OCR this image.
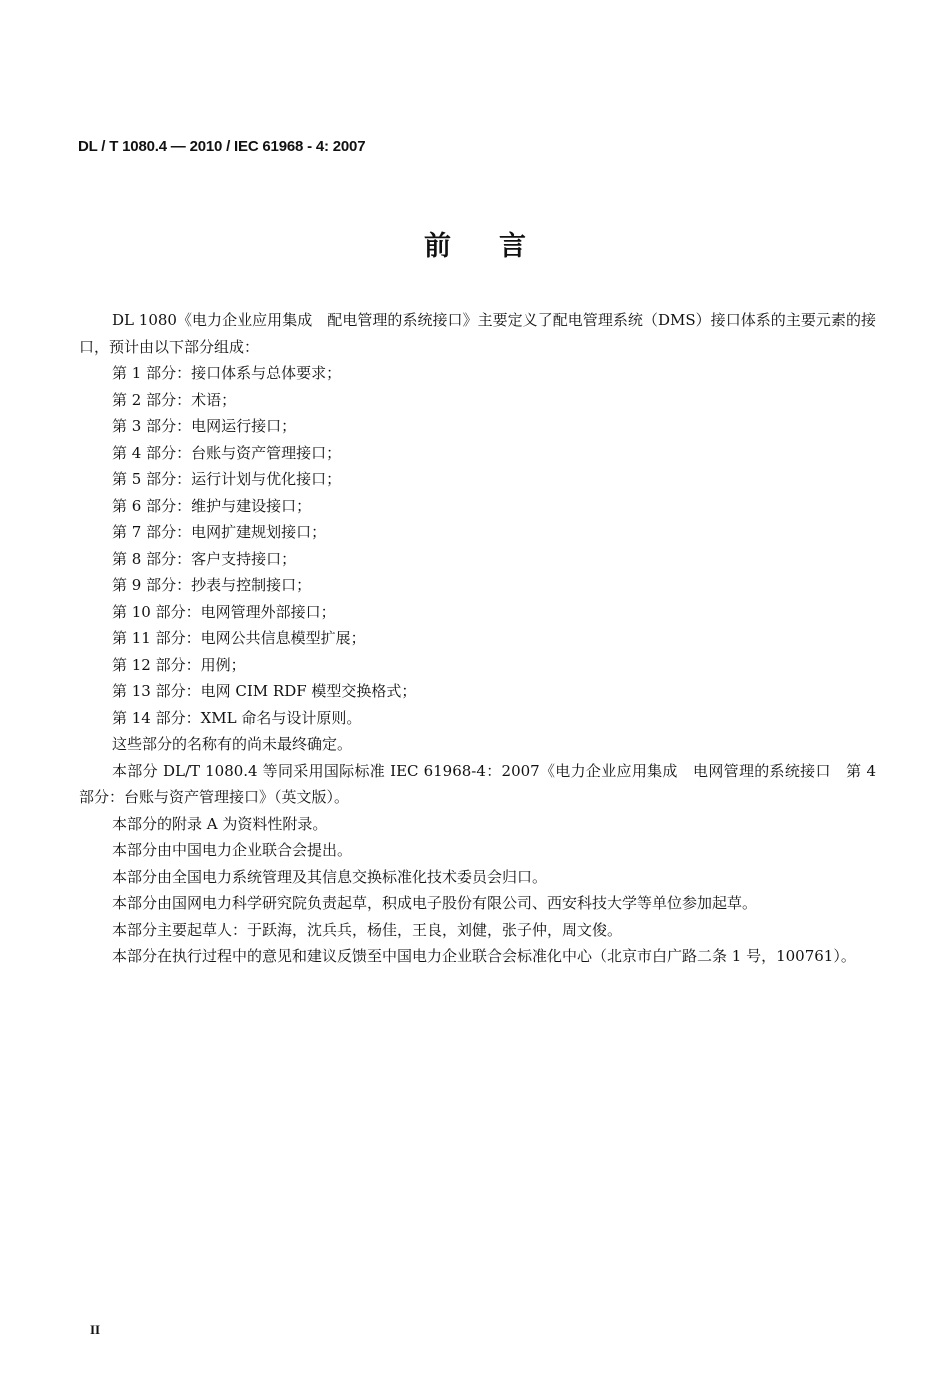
DL / T 1080.4 — 2010 / IEC 61968 - 4: 2007
前言

DL 1080《电力企业应用集成　配电管理的系统接口》主要定义了配电管理系统（DMS）接口体系的主要元素的接口，预计由以下部分组成：

第 1 部分：接口体系与总体要求；

第 2 部分：术语；

第 3 部分：电网运行接口；

第 4 部分：台账与资产管理接口；

第 5 部分：运行计划与优化接口；

第 6 部分：维护与建设接口；

第 7 部分：电网扩建规划接口；

第 8 部分：客户支持接口；

第 9 部分：抄表与控制接口；

第 10 部分：电网管理外部接口；

第 11 部分：电网公共信息模型扩展；

第 12 部分：用例；

第 13 部分：电网 CIM RDF 模型交换格式；

第 14 部分：XML 命名与设计原则。

这些部分的名称有的尚未最终确定。

本部分 DL/T 1080.4 等同采用国际标准 IEC 61968-4：2007《电力企业应用集成　电网管理的系统接口　第 4 部分：台账与资产管理接口》（英文版）。

本部分的附录 A 为资料性附录。

本部分由中国电力企业联合会提出。

本部分由全国电力系统管理及其信息交换标准化技术委员会归口。

本部分由国网电力科学研究院负责起草，积成电子股份有限公司、西安科技大学等单位参加起草。

本部分主要起草人：于跃海，沈兵兵，杨佳，王良，刘健，张子仲，周文俊。

本部分在执行过程中的意见和建议反馈至中国电力企业联合会标准化中心（北京市白广路二条 1 号，100761）。

II
